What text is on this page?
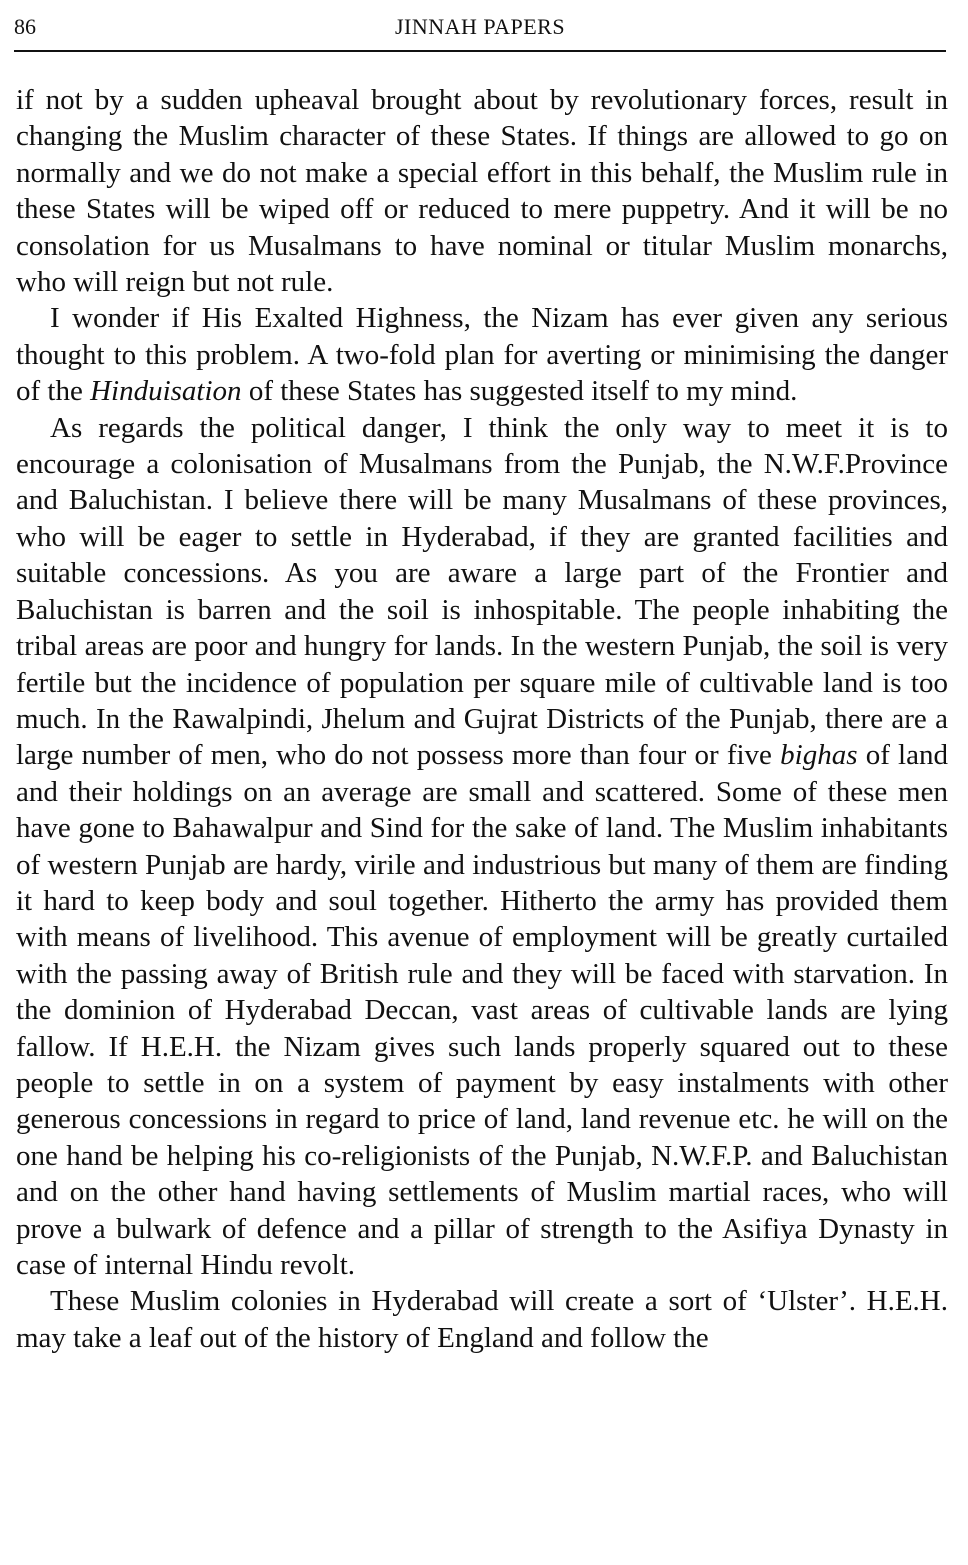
86	JINNAH PAPERS

if not by a sudden upheaval brought about by revolutionary forces, result in changing the Muslim character of these States. If things are allowed to go on normally and we do not make a special effort in this behalf, the Muslim rule in these States will be wiped off or reduced to mere puppetry. And it will be no consolation for us Musalmans to have nominal or titular Muslim monarchs, who will reign but not rule.

I wonder if His Exalted Highness, the Nizam has ever given any serious thought to this problem. A two-fold plan for averting or minimising the danger of the Hinduisation of these States has suggested itself to my mind.

As regards the political danger, I think the only way to meet it is to encourage a colonisation of Musalmans from the Punjab, the N.W.F.Province and Baluchistan. I believe there will be many Musalmans of these provinces, who will be eager to settle in Hyderabad, if they are granted facilities and suitable concessions. As you are aware a large part of the Frontier and Baluchistan is barren and the soil is inhospitable. The people inhabiting the tribal areas are poor and hungry for lands. In the western Punjab, the soil is very fertile but the incidence of population per square mile of cultivable land is too much. In the Rawalpindi, Jhelum and Gujrat Districts of the Punjab, there are a large number of men, who do not possess more than four or five bighas of land and their holdings on an average are small and scattered. Some of these men have gone to Bahawalpur and Sind for the sake of land. The Muslim inhabitants of western Punjab are hardy, virile and industrious but many of them are finding it hard to keep body and soul together. Hitherto the army has provided them with means of livelihood. This avenue of employment will be greatly curtailed with the passing away of British rule and they will be faced with starvation. In the dominion of Hyderabad Deccan, vast areas of cultivable lands are lying fallow. If H.E.H. the Nizam gives such lands properly squared out to these people to settle in on a system of payment by easy instalments with other generous concessions in regard to price of land, land revenue etc. he will on the one hand be helping his co-religionists of the Punjab, N.W.F.P. and Baluchistan and on the other hand having settlements of Muslim martial races, who will prove a bulwark of defence and a pillar of strength to the Asifiya Dynasty in case of internal Hindu revolt.

These Muslim colonies in Hyderabad will create a sort of ‘Ulster’. H.E.H. may take a leaf out of the history of England and follow the
